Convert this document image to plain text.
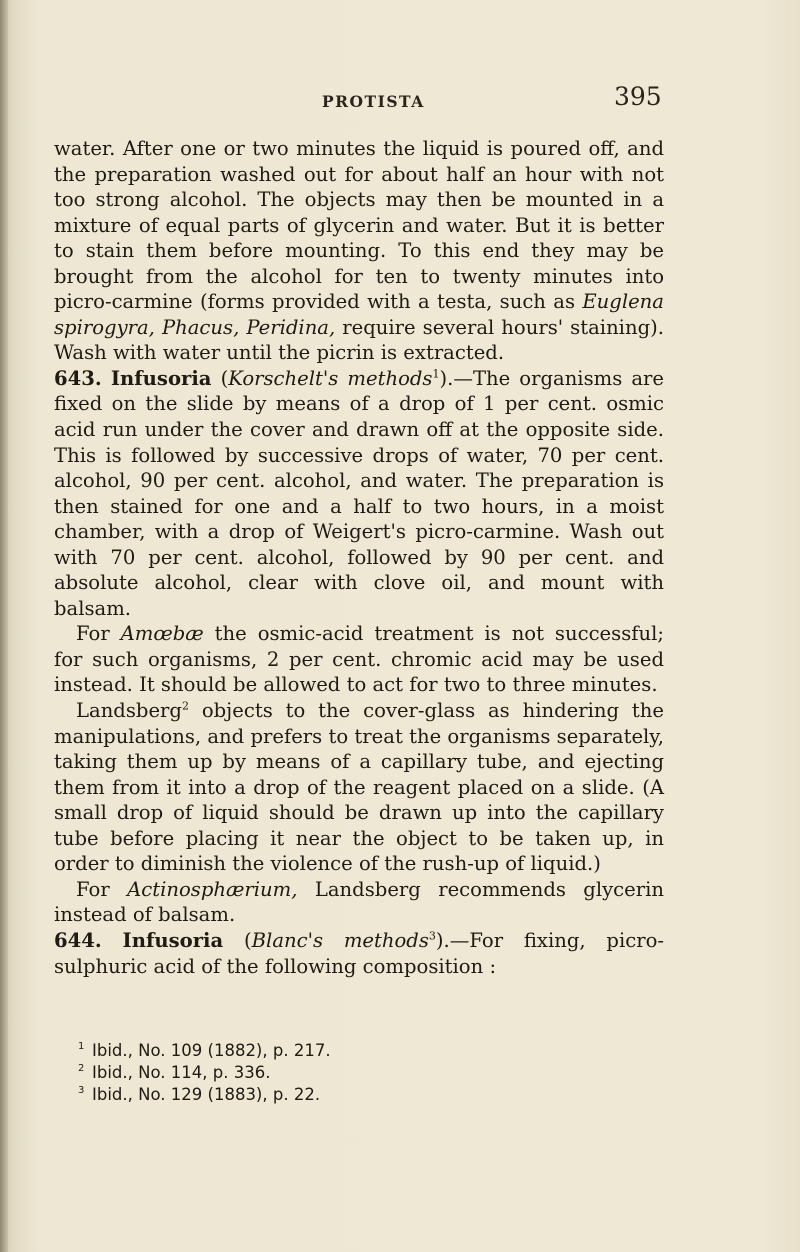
PROTISTA	395

water. After one or two minutes the liquid is poured off, and the preparation washed out for about half an hour with not too strong alcohol. The objects may then be mounted in a mixture of equal parts of glycerin and water. But it is better to stain them before mounting. To this end they may be brought from the alcohol for ten to twenty minutes into picro-carmine (forms provided with a testa, such as Euglena spirogyra, Phacus, Peridina, require several hours' staining). Wash with water until the picrin is extracted.

643. Infusoria (Korschelt's methods$^1$).—The organisms are fixed on the slide by means of a drop of 1 per cent. osmic acid run under the cover and drawn off at the opposite side. This is followed by successive drops of water, 70 per cent. alcohol, 90 per cent. alcohol, and water. The preparation is then stained for one and a half to two hours, in a moist chamber, with a drop of Weigert's picro-carmine. Wash out with 70 per cent. alcohol, followed by 90 per cent. and absolute alcohol, clear with clove oil, and mount with balsam.

For Amœbæ the osmic-acid treatment is not successful; for such organisms, 2 per cent. chromic acid may be used instead. It should be allowed to act for two to three minutes.

Landsberg$^2$ objects to the cover-glass as hindering the manipulations, and prefers to treat the organisms separately, taking them up by means of a capillary tube, and ejecting them from it into a drop of the reagent placed on a slide. (A small drop of liquid should be drawn up into the capillary tube before placing it near the object to be taken up, in order to diminish the violence of the rush-up of liquid.)

For Actinosphærium, Landsberg recommends glycerin instead of balsam.

644. Infusoria (Blanc's methods$^3$).—For fixing, picro-sulphuric acid of the following composition :

1 Ibid., No. 109 (1882), p. 217.
2 Ibid., No. 114, p. 336.
3 Ibid., No. 129 (1883), p. 22.
